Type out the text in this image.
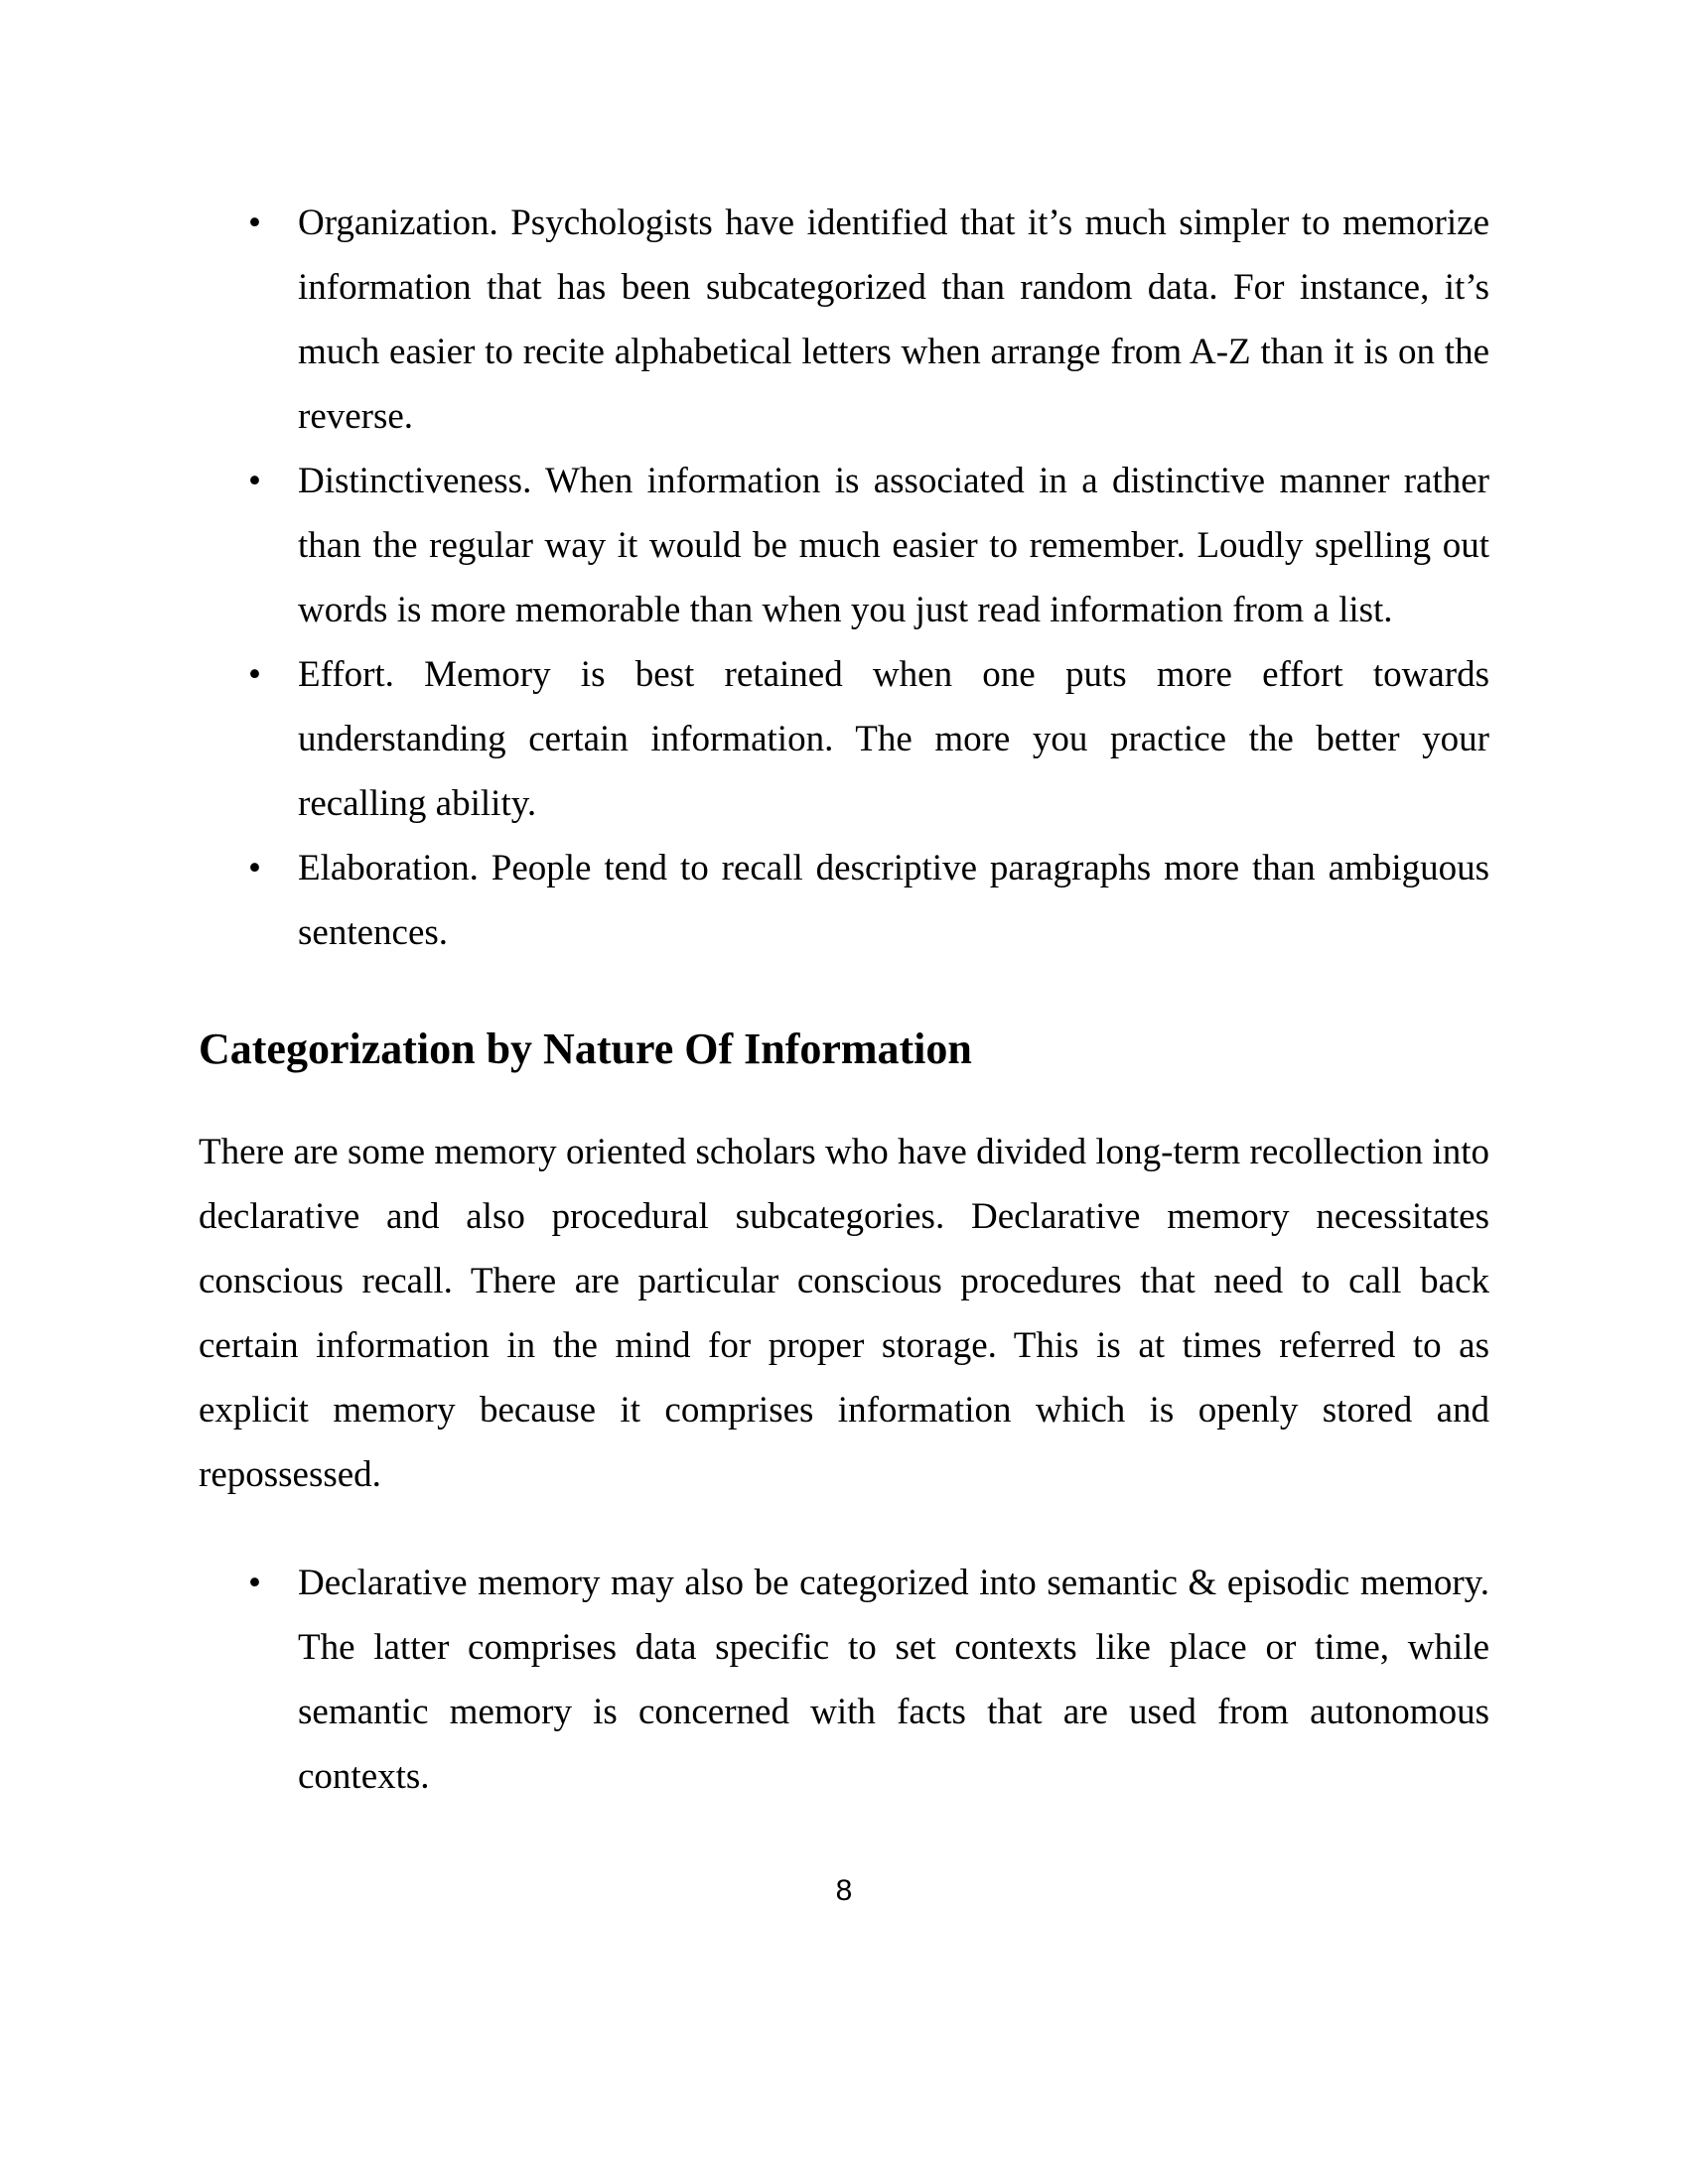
• Organization. Psychologists have identified that it’s much simpler to memorize information that has been subcategorized than random data. For instance, it’s much easier to recite alphabetical letters when arrange from A-Z than it is on the reverse.
• Distinctiveness. When information is associated in a distinctive manner rather than the regular way it would be much easier to remember. Loudly spelling out words is more memorable than when you just read information from a list.
• Effort. Memory is best retained when one puts more effort towards understanding certain information. The more you practice the better your recalling ability.
• Elaboration. People tend to recall descriptive paragraphs more than ambiguous sentences.
Categorization by Nature Of Information

There are some memory oriented scholars who have divided long-term recollection into declarative and also procedural subcategories. Declarative memory necessitates conscious recall. There are particular conscious procedures that need to call back certain information in the mind for proper storage. This is at times referred to as explicit memory because it comprises information which is openly stored and repossessed.

• Declarative memory may also be categorized into semantic & episodic memory. The latter comprises data specific to set contexts like place or time, while semantic memory is concerned with facts that are used from autonomous contexts.
8
